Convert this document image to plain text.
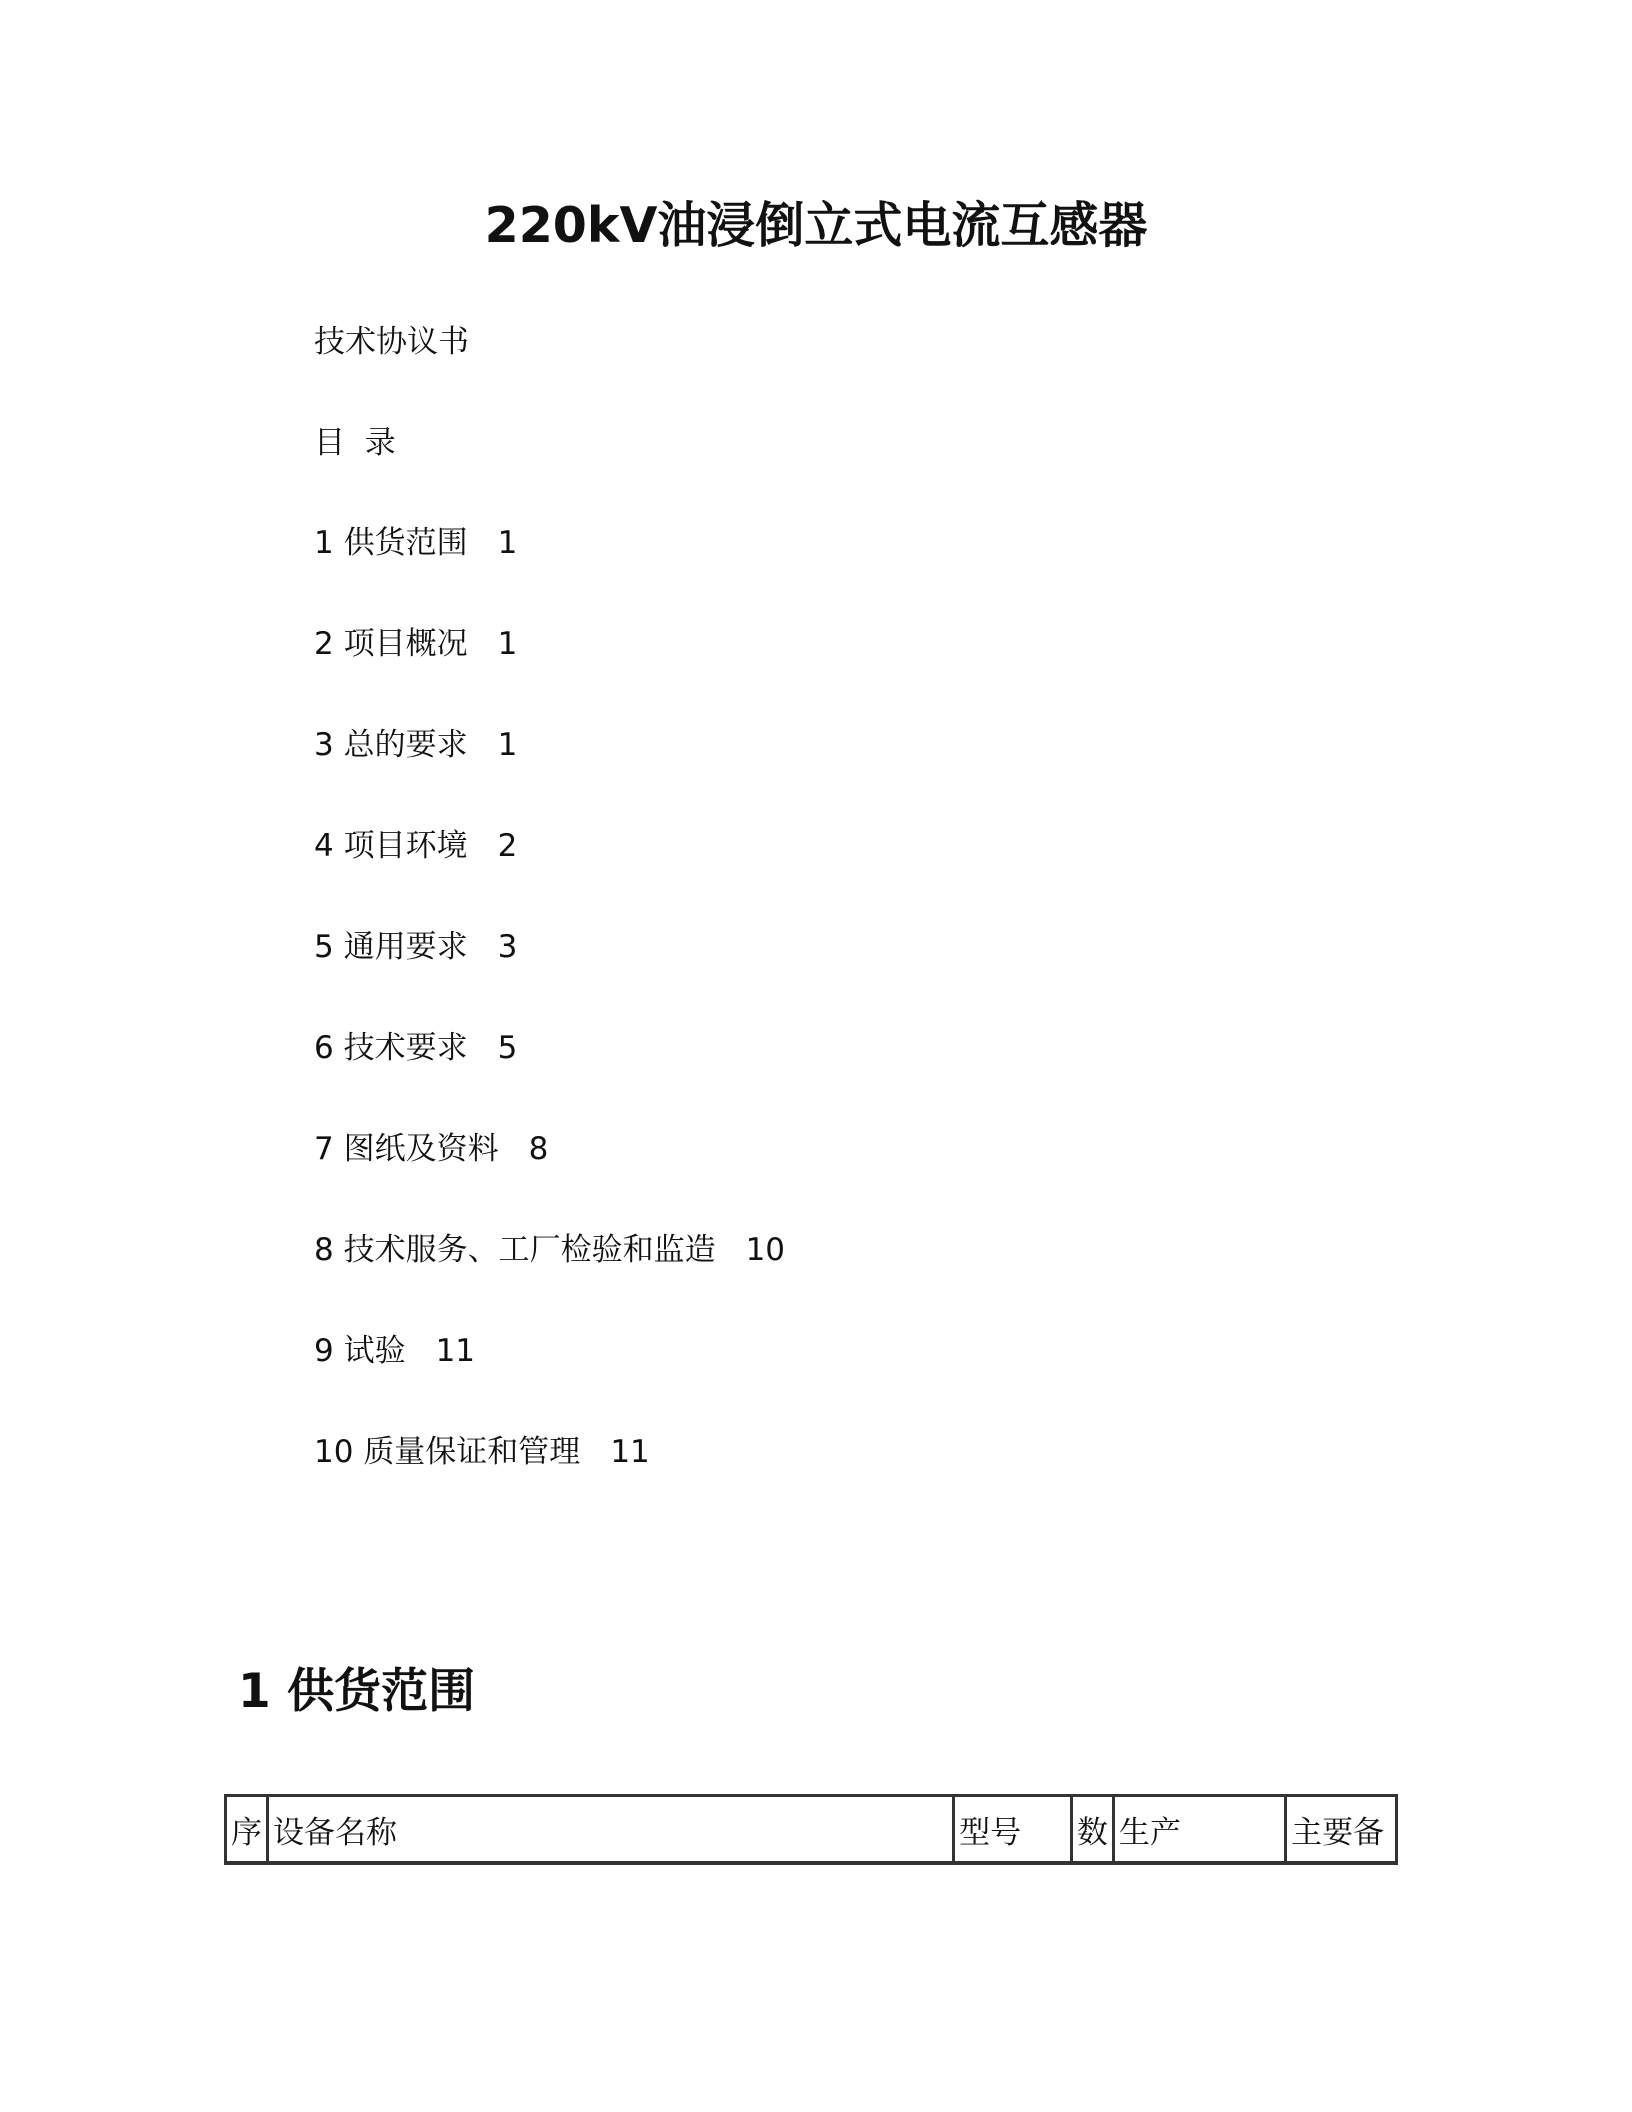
220kV油浸倒立式电流互感器

技术协议书

目  录

1 供货范围 1
2 项目概况 1
3 总的要求 1
4 项目环境 2
5 通用要求 3
6 技术要求 5
7 图纸及资料 8
8 技术服务、工厂检验和监造 10
9 试验 11
10 质量保证和管理 11
1 供货范围
序	设备名称	型号	数	生产	主要备
